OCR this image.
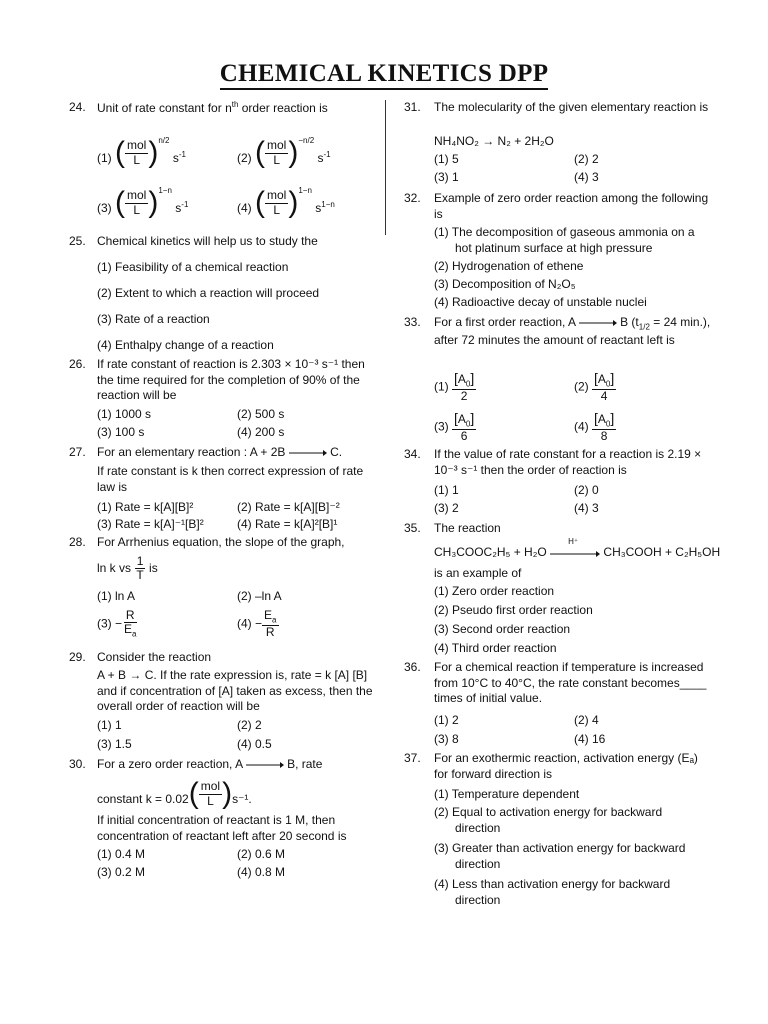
CHEMICAL KINETICS DPP
24. Unit of rate constant for $n^{th}$ order reaction is
(1) ( $\frac{\text{mol}}{L}$ ) $^{n/2}$ $s^{-1}$	(2) ( $\frac{\text{mol}}{L}$ ) $^{-n/2}$ $s^{-1}$
(3) ( $\frac{\text{mol}}{L}$ ) $^{1-n}$ $s^{-1}$	(4) ( $\frac{\text{mol}}{L}$ ) $^{1-n}$ $s^{1-n}$
25. Chemical kinetics will help us to study the
(1) Feasibility of a chemical reaction
(2) Extent to which a reaction will proceed
(3) Rate of a reaction
(4) Enthalpy change of a reaction
26. If rate constant of reaction is 2.303 × 10⁻³ s⁻¹ then the time required for the completion of 90% of the reaction will be
(1) 1000 s	(2) 500 s
(3) 100 s	(4) 200 s
27. For an elementary reaction : A + 2B → C.
If rate constant is k then correct expression of rate law is
(1) Rate = k[A][B]²	(2) Rate = k[A][B]⁻²
(3) Rate = k[A]⁻¹[B]²	(4) Rate = k[A]²[B]¹
28. For Arrhenius equation, the slope of the graph,
ln k vs $\frac{1}{T}$ is
(1) ln A	(2) –ln A
$(3) - \frac{R}{E_a}$	$(4) - \frac{E_a}{R}$
29. Consider the reaction
A + B → C. If the rate expression is, rate = k [A] [B] and if concentration of [A] taken as excess, then the overall order of reaction will be
(1) 1	(2) 2
(3) 1.5	(4) 0.5
30. For a zero order reaction, A → B, rate
constant k = 0.02 ( $\frac{\text{mol}}{L}$ ) s⁻¹.
If initial concentration of reactant is 1 M, then concentration of reactant left after 20 second is
(1) 0.4 M	(2) 0.6 M
(3) 0.2 M	(4) 0.8 M
31. The molecularity of the given elementary reaction is
NH₄NO₂ → N₂ + 2H₂O
(1) 5	(2) 2
(3) 1	(4) 3
32. Example of zero order reaction among the following is
(1) The decomposition of gaseous ammonia on a
hot platinum surface at high pressure
(2) Hydrogenation of ethene
(3) Decomposition of N₂O₅
(4) Radioactive decay of unstable nuclei
33. For a first order reaction, A → B ($t_{1/2} = 24$ min.), after 72 minutes the amount of reactant left is
$(1) \frac{[A_0]}{2}$	$(2) \frac{[A_0]}{4}$
$(3) \frac{[A_0]}{6}$	$(4) \frac{[A_0]}{8}$
34. If the value of rate constant for a reaction is 2.19 × 10⁻³ s⁻¹ then the order of reaction is
(1) 1	(2) 0
(3) 2	(4) 3
35. The reaction
CH₃COOC₂H₅ + H₂O
H⁺
CH₃COOH + C₂H₅OH
is an example of
(1) Zero order reaction
(2) Pseudo first order reaction
(3) Second order reaction
(4) Third order reaction
36. For a chemical reaction if temperature is increased from 10°C to 40°C, the rate constant becomes____ times of initial value.
(1) 2	(2) 4
(3) 8	(4) 16
37. For an exothermic reaction, activation energy (Eₐ) for forward direction is
(1) Temperature dependent
(2) Equal to activation energy for backward
direction
(3) Greater than activation energy for backward
direction
(4) Less than activation energy for backward
direction
